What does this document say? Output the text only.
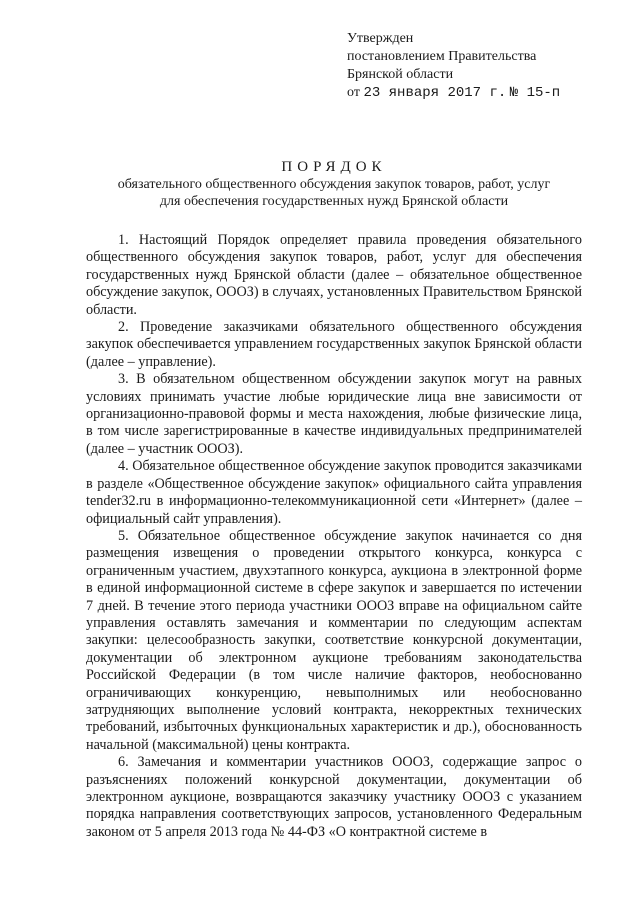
Утвержден
постановлением Правительства
Брянской области
от 23 января 2017 г. № 15-п
ПОРЯДОК

обязательного общественного обсуждения закупок товаров, работ, услуг

для обеспечения государственных нужд Брянской области

1. Настоящий Порядок определяет правила проведения обязательного общественного обсуждения закупок товаров, работ, услуг для обеспечения государственных нужд Брянской области (далее – обязательное общественное обсуждение закупок, ОООЗ) в случаях, установленных Правительством Брянской области.

2. Проведение заказчиками обязательного общественного обсуждения закупок обеспечивается управлением государственных закупок Брянской области (далее – управление).

3. В обязательном общественном обсуждении закупок могут на равных условиях принимать участие любые юридические лица вне зависимости от организационно-правовой формы и места нахождения, любые физические лица, в том числе зарегистрированные в качестве индивидуальных предпринимателей (далее – участник ОООЗ).

4. Обязательное общественное обсуждение закупок проводится заказчиками в разделе «Общественное обсуждение закупок» официального сайта управления tender32.ru в информационно-телекоммуникационной сети «Интернет» (далее – официальный сайт управления).

5. Обязательное общественное обсуждение закупок начинается со дня размещения извещения о проведении открытого конкурса, конкурса с ограниченным участием, двухэтапного конкурса, аукциона в электронной форме в единой информационной системе в сфере закупок и завершается по истечении 7 дней. В течение этого периода участники ОООЗ вправе на официальном сайте управления оставлять замечания и комментарии по следующим аспектам закупки: целесообразность закупки, соответствие конкурсной документации, документации об электронном аукционе требованиям законодательства Российской Федерации (в том числе наличие факторов, необоснованно ограничивающих конкуренцию, невыполнимых или необоснованно затрудняющих выполнение условий контракта, некорректных технических требований, избыточных функциональных характеристик и др.), обоснованность начальной (максимальной) цены контракта.

6. Замечания и комментарии участников ОООЗ, содержащие запрос о разъяснениях положений конкурсной документации, документации об электронном аукционе, возвращаются заказчику участнику ОООЗ с указанием порядка направления соответствующих запросов, установленного Федеральным законом от 5 апреля 2013 года № 44-ФЗ «О контрактной системе в
